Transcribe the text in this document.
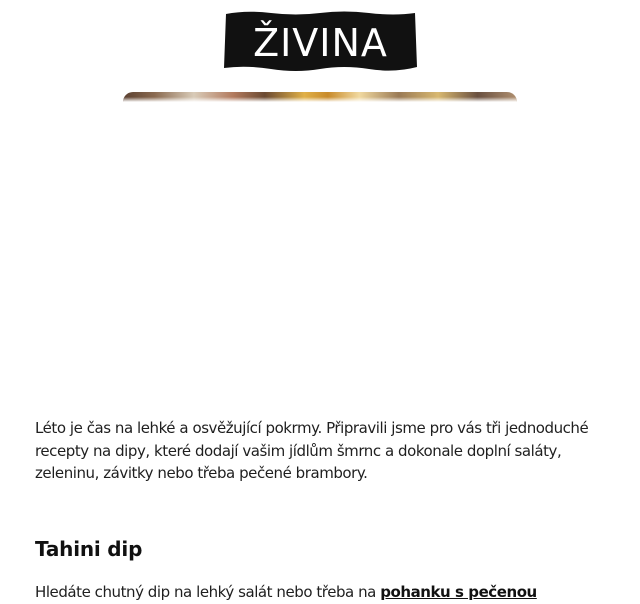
ŽIVINA

Léto je čas na lehké a osvěžující pokrmy. Připravili jsme pro vás tři jednoduché recepty na dipy, které dodají vašim jídlům šmrnc a dokonale doplní saláty, zeleninu, závitky nebo třeba pečené brambory.

Tahini dip

Hledáte chutný dip na lehký salát nebo třeba na pohanku s pečenou
